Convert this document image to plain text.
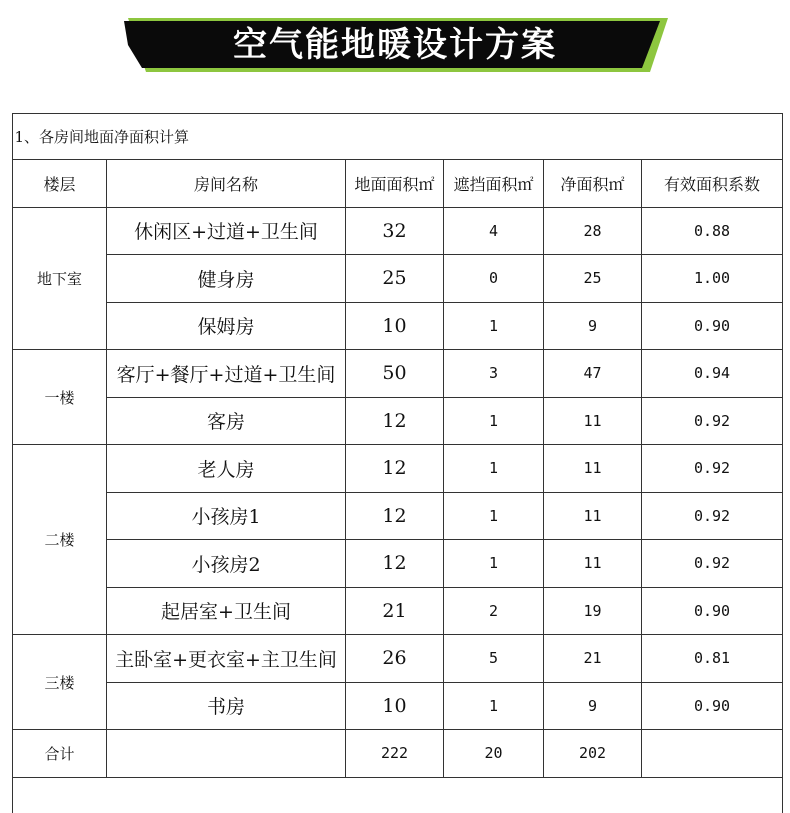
空气能地暖设计方案
1、各房间地面净面积计算					
楼层	房间名称	地面面积㎡	遮挡面积㎡	净面积㎡	有效面积系数
地下室	休闲区+过道+卫生间	32	4	28	0.88
	健身房	25	0	25	1.00
	保姆房	10	1	9	0.90
一楼	客厅+餐厅+过道+卫生间	50	3	47	0.94
	客房	12	1	11	0.92
二楼	老人房	12	1	11	0.92
	小孩房1	12	1	11	0.92
	小孩房2	12	1	11	0.92
	起居室+卫生间	21	2	19	0.90
三楼	主卧室+更衣室+主卫生间	26	5	21	0.81
	书房	10	1	9	0.90
合计		222	20	202	
